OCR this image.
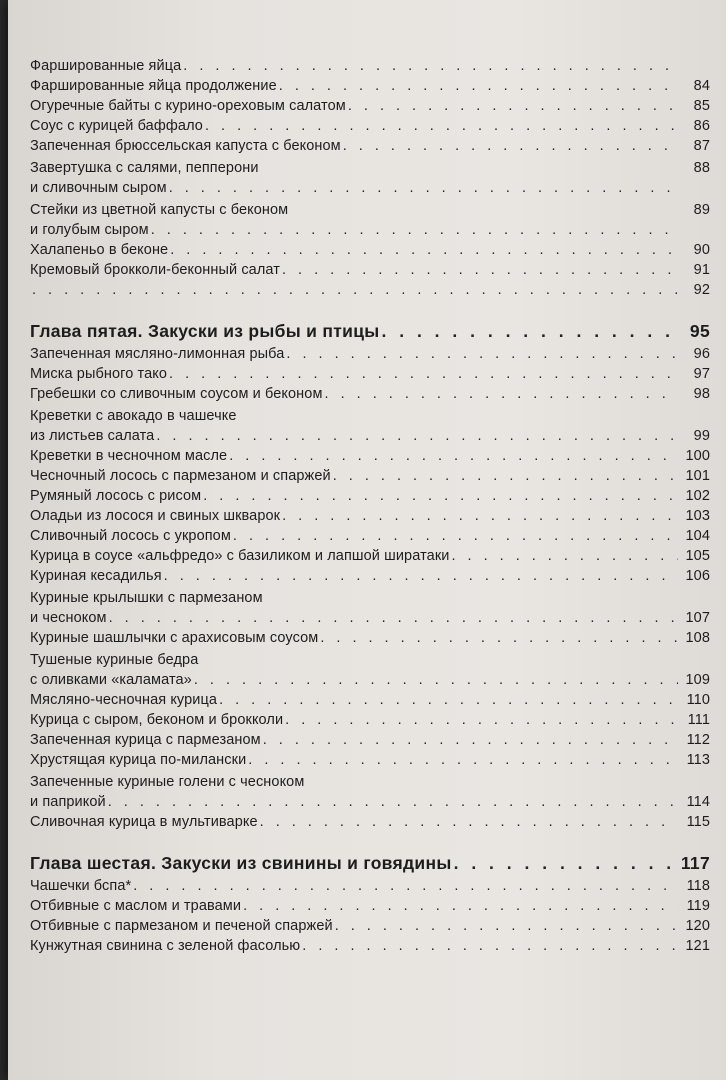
Фаршированные яйца
. . .
Фаршированные яйца продолжение . . .	84
Огуречные байты с курино-ореховым салатом . . .	85
Соус с курицей баффало . . .	86
Запеченная брюссельская капуста с беконом . . .	87
Завертушка с салями, пепперони	88
и сливочным сыром
. . .
Стейки из цветной капусты с беконом	89
и голубым сыром
. . .
Халапеньо в беконе . . .	90
Кремовый брокколи-беконный салат . . .	91
. . .
92
Глава пятая. Закуски из рыбы и птицы . . .	95
Запеченная мясляно-лимонная рыба . . .	96
Миска рыбного тако . . .	97
Гребешки со сливочным соусом и беконом . . .	98
Креветки с авокадо в чашечке
из листьев салата . . .	99
Креветки в чесночном масле . . .	100
Чесночный лосось с пармезаном и спаржей . . .	101
Румяный лосось с рисом . . .	102
Оладьи из лосося и свиных шкварок . . .	103
Сливочный лосось с укропом . . .	104
Курица в соусе «альфредо» с базиликом и лапшой ширатаки . . .	105
Куриная кесадилья . . .	106
Куриные крылышки с пармезаном
и чесноком . . .	107
Куриные шашлычки с арахисовым соусом . . .	108
Тушеные куриные бедра
с оливками «каламата» . . .	109
Мясляно-чесночная курица . . .	110
Курица с сыром, беконом и брокколи . . .	111
Запеченная курица с пармезаном . . .	112
Хрустящая курица по-милански . . .	113
Запеченные куриные голени с чесноком
и паприкой . . .	114
Сливочная курица в мультиварке . . .	115
Глава шестая. Закуски из свинины и говядины . . .	117
Чашечки бспа* . . .	118
Отбивные с маслом и травами . . .	119
Отбивные с пармезаном и печеной спаржей . . .	120
Кунжутная свинина с зеленой фасолью . . .	121
